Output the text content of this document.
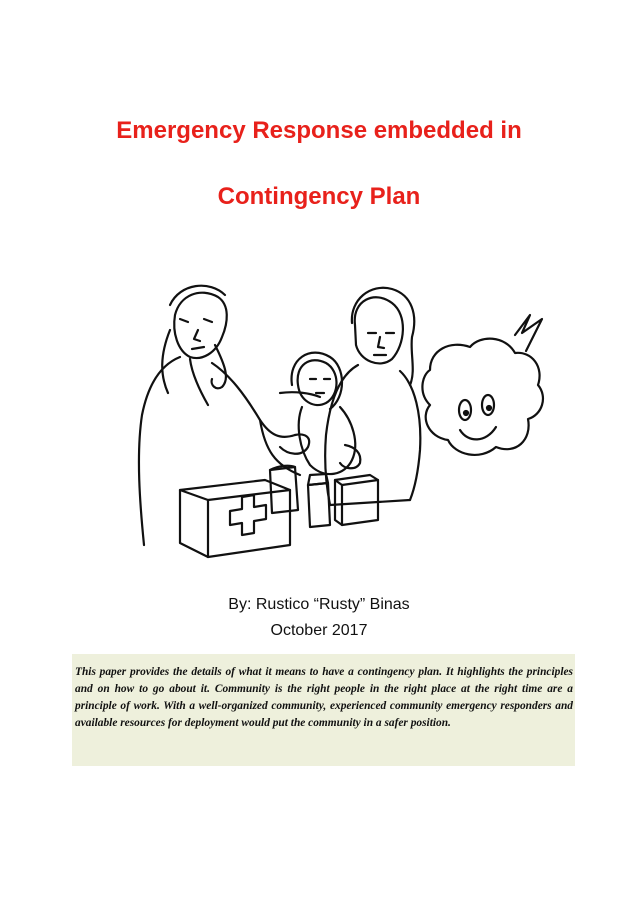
Emergency Response embedded in
Contingency Plan
By: Rustico “Rusty” Binas
October 2017

This paper provides the details of what it means to have a contingency plan. It highlights the principles and on how to go about it. Community is the right people in the right place at the right time are a principle of work. With a well-organized community, experienced community emergency responders and available resources for deployment would put the community in a safer position.
